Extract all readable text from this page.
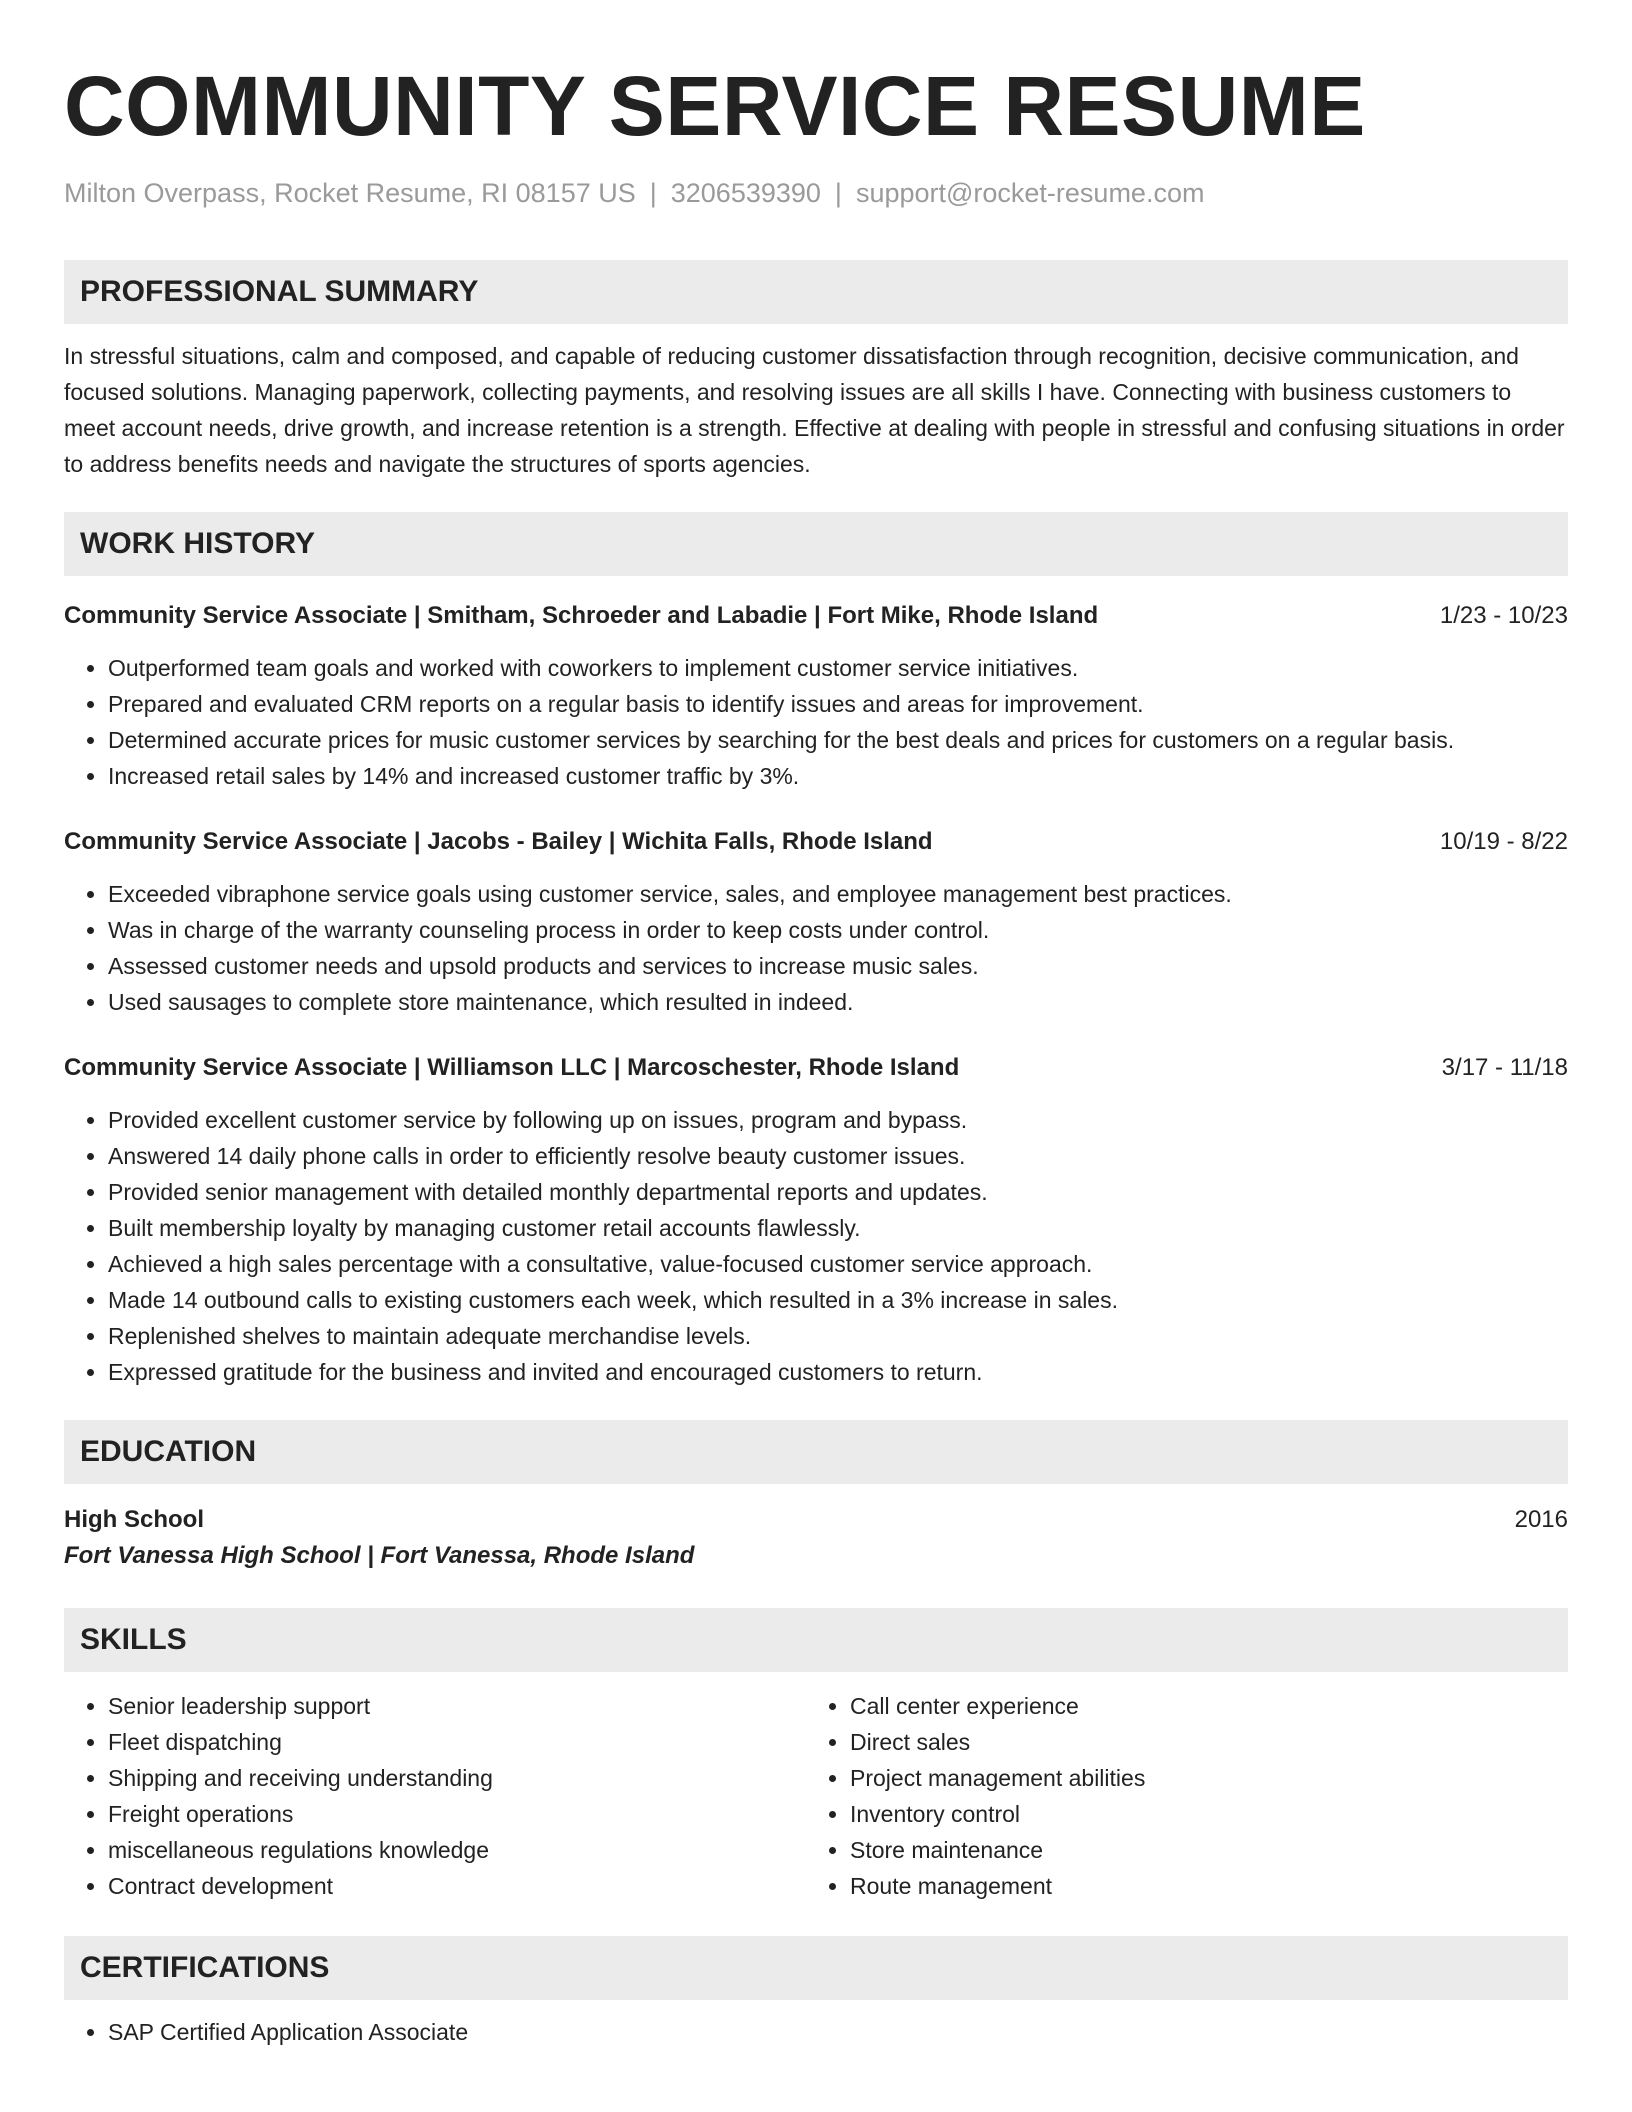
COMMUNITY SERVICE RESUME
Milton Overpass, Rocket Resume, RI 08157 US | 3206539390 | support@rocket-resume.com
PROFESSIONAL SUMMARY
In stressful situations, calm and composed, and capable of reducing customer dissatisfaction through recognition, decisive communication, and focused solutions. Managing paperwork, collecting payments, and resolving issues are all skills I have. Connecting with business customers to meet account needs, drive growth, and increase retention is a strength. Effective at dealing with people in stressful and confusing situations in order to address benefits needs and navigate the structures of sports agencies.
WORK HISTORY
Community Service Associate | Smitham, Schroeder and Labadie | Fort Mike, Rhode Island	1/23 - 10/23
• Outperformed team goals and worked with coworkers to implement customer service initiatives.
• Prepared and evaluated CRM reports on a regular basis to identify issues and areas for improvement.
• Determined accurate prices for music customer services by searching for the best deals and prices for customers on a regular basis.
• Increased retail sales by 14% and increased customer traffic by 3%.
Community Service Associate | Jacobs - Bailey | Wichita Falls, Rhode Island	10/19 - 8/22
• Exceeded vibraphone service goals using customer service, sales, and employee management best practices.
• Was in charge of the warranty counseling process in order to keep costs under control.
• Assessed customer needs and upsold products and services to increase music sales.
• Used sausages to complete store maintenance, which resulted in indeed.
Community Service Associate | Williamson LLC | Marcoschester, Rhode Island	3/17 - 11/18
• Provided excellent customer service by following up on issues, program and bypass.
• Answered 14 daily phone calls in order to efficiently resolve beauty customer issues.
• Provided senior management with detailed monthly departmental reports and updates.
• Built membership loyalty by managing customer retail accounts flawlessly.
• Achieved a high sales percentage with a consultative, value-focused customer service approach.
• Made 14 outbound calls to existing customers each week, which resulted in a 3% increase in sales.
• Replenished shelves to maintain adequate merchandise levels.
• Expressed gratitude for the business and invited and encouraged customers to return.
EDUCATION
High School	2016
Fort Vanessa High School | Fort Vanessa, Rhode Island
SKILLS
• Senior leadership support
• Fleet dispatching
• Shipping and receiving understanding
• Freight operations
• miscellaneous regulations knowledge
• Contract development
• Call center experience
• Direct sales
• Project management abilities
• Inventory control
• Store maintenance
• Route management
CERTIFICATIONS
• SAP Certified Application Associate
